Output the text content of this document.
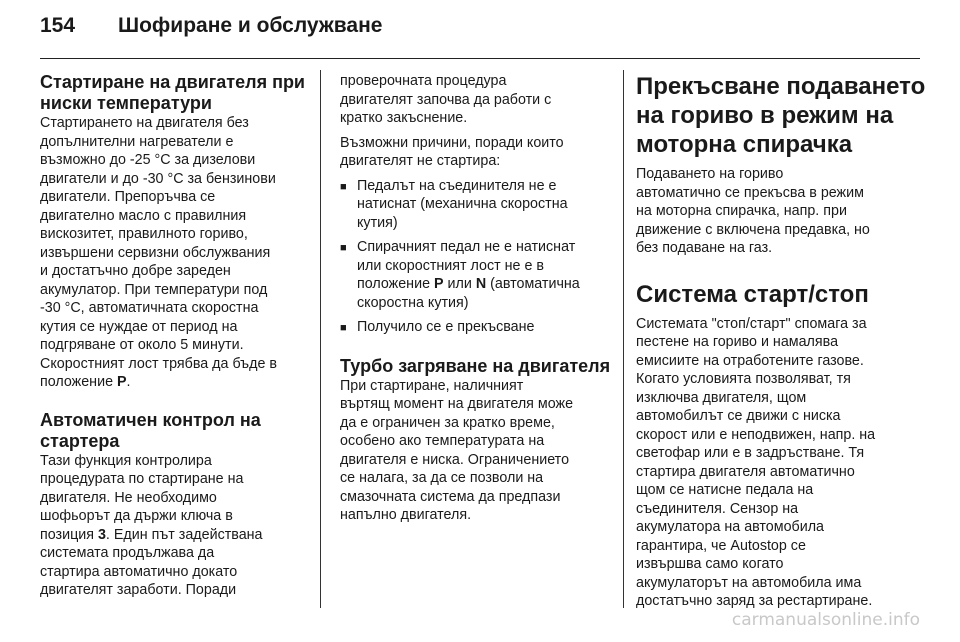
154	Шофиране и обслужване
Стартиране на двигателя при
ниски температури
Стартирането на двигателя без
допълнителни нагреватели е
възможно до -25 °C за дизелови
двигатели и до -30 °C за бензинови
двигатели. Препоръчва се
двигателно масло с правилния
вискозитет, правилното гориво,
извършени сервизни обслужвания
и достатъчно добре зареден
акумулатор. При температури под
-30 °C, автоматичната скоростна
кутия се нуждае от период на
подгряване от около 5 минути.
Скоростният лост трябва да бъде в
положение P.
Автоматичен контрол на
стартера
Тази функция контролира
процедурата по стартиране на
двигателя. Не необходимо
шофьорът да държи ключа в
позиция 3. Един път задействана
системата продължава да
стартира автоматично докато
двигателят заработи. Поради
проверочната процедура
двигателят започва да работи с
кратко закъснение.
Възможни причини, поради които
двигателят не стартира:
■ Педалът на съединителя не е
натиснат (механична скоростна
кутия)
■ Спирачният педал не е натиснат
или скоростният лост не е в
положение P или N (автоматична
скоростна кутия)
■ Получило се е прекъсване
Турбо загряване на двигателя
При стартиране, наличният
въртящ момент на двигателя може
да е ограничен за кратко време,
особено ако температурата на
двигателя е ниска. Ограничението
се налага, за да се позволи на
смазочната система да предпази
напълно двигателя.
Прекъсване подаването
на гориво в режим на
моторна спирачка
Подаването на гориво
автоматично се прекъсва в режим
на моторна спирачка, напр. при
движение с включена предавка, но
без подаване на газ.
Система старт/стоп
Системата "стоп/старт" спомага за
пестене на гориво и намалява
емисиите на отработените газове.
Когато условията позволяват, тя
изключва двигателя, щом
автомобилът се движи с ниска
скорост или е неподвижен, напр. на
светофар или е в задръстване. Тя
стартира двигателя автоматично
щом се натисне педала на
съединителя. Сензор на
акумулатора на автомобила
гарантира, че Autostop се
извършва само когато
акумулаторът на автомобила има
достатъчно заряд за рестартиране.
carmanualsonline.info
